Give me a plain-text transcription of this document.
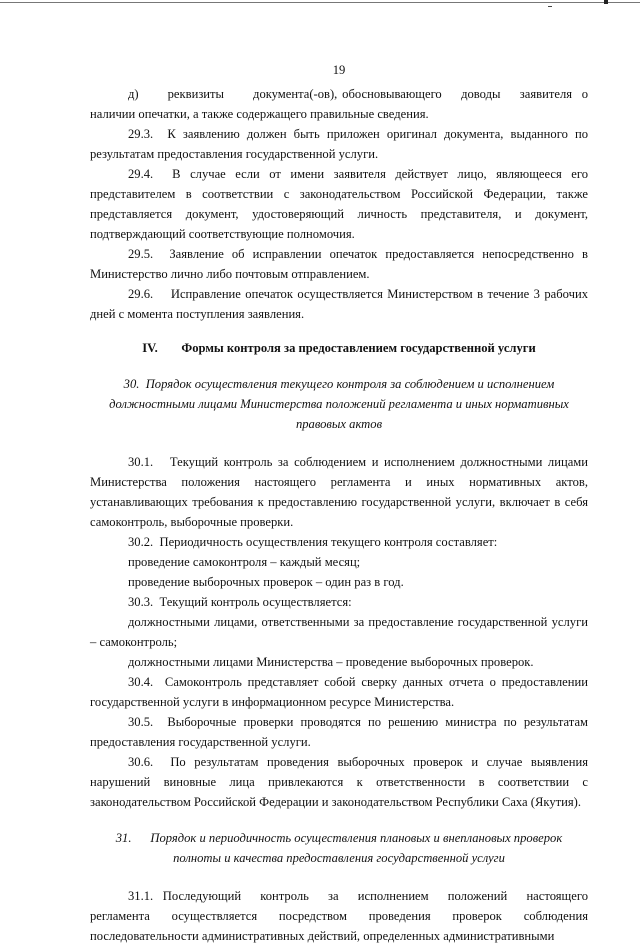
19

д)      реквизиты      документа(-ов), обосновывающего    доводы    заявителя  о наличии опечатки, а также содержащего правильные сведения.

29.3.  К заявлению должен быть приложен оригинал документа, выданного по результатам предоставления государственной услуги.

29.4.  В случае если от имени заявителя действует лицо, являющееся его представителем в соответствии с законодательством Российской Федерации, также представляется документ, удостоверяющий личность представителя, и документ, подтверждающий соответствующие полномочия.

29.5.  Заявление об исправлении опечаток предоставляется непосредственно в Министерство лично либо почтовым отправлением.

29.6.    Исправление опечаток осуществляется Министерством в течение 3 рабочих дней с момента поступления заявления.

IV. Формы контроля за предоставлением государственной услуги
30.  Порядок осуществления текущего контроля за соблюдением и исполнением должностными лицами Министерства положений регламента и иных нормативных правовых актов

30.1.   Текущий контроль за соблюдением и исполнением должностными лицами Министерства положения настоящего регламента и иных нормативных актов, устанавливающих требования к предоставлению государственной услуги, включает в себя самоконтроль, выборочные проверки.

30.2.  Периодичность осуществления текущего контроля составляет:

проведение самоконтроля – каждый месяц;

проведение выборочных проверок – один раз в год.

30.3.  Текущий контроль осуществляется:

должностными лицами, ответственными за предоставление государственной услуги – самоконтроль;

должностными лицами Министерства – проведение выборочных проверок.

30.4.  Самоконтроль представляет собой сверку данных отчета о предоставлении государственной услуги в информационном ресурсе Министерства.

30.5.  Выборочные проверки проводятся по решению министра по результатам предоставления государственной услуги.

30.6.  По результатам проведения выборочных проверок и случае выявления нарушений виновные лица привлекаются к ответственности в соответствии с законодательством Российской Федерации и законодательством Республики Саха (Якутия).

31.      Порядок и периодичность осуществления плановых и внеплановых проверок полноты и качества предоставления государственной услуги

31.1.  Последующий    контроль    за    исполнением    положений    настоящего регламента    осуществляется    посредством    проведения    проверок    соблюдения последовательности административных действий, определенных административными
